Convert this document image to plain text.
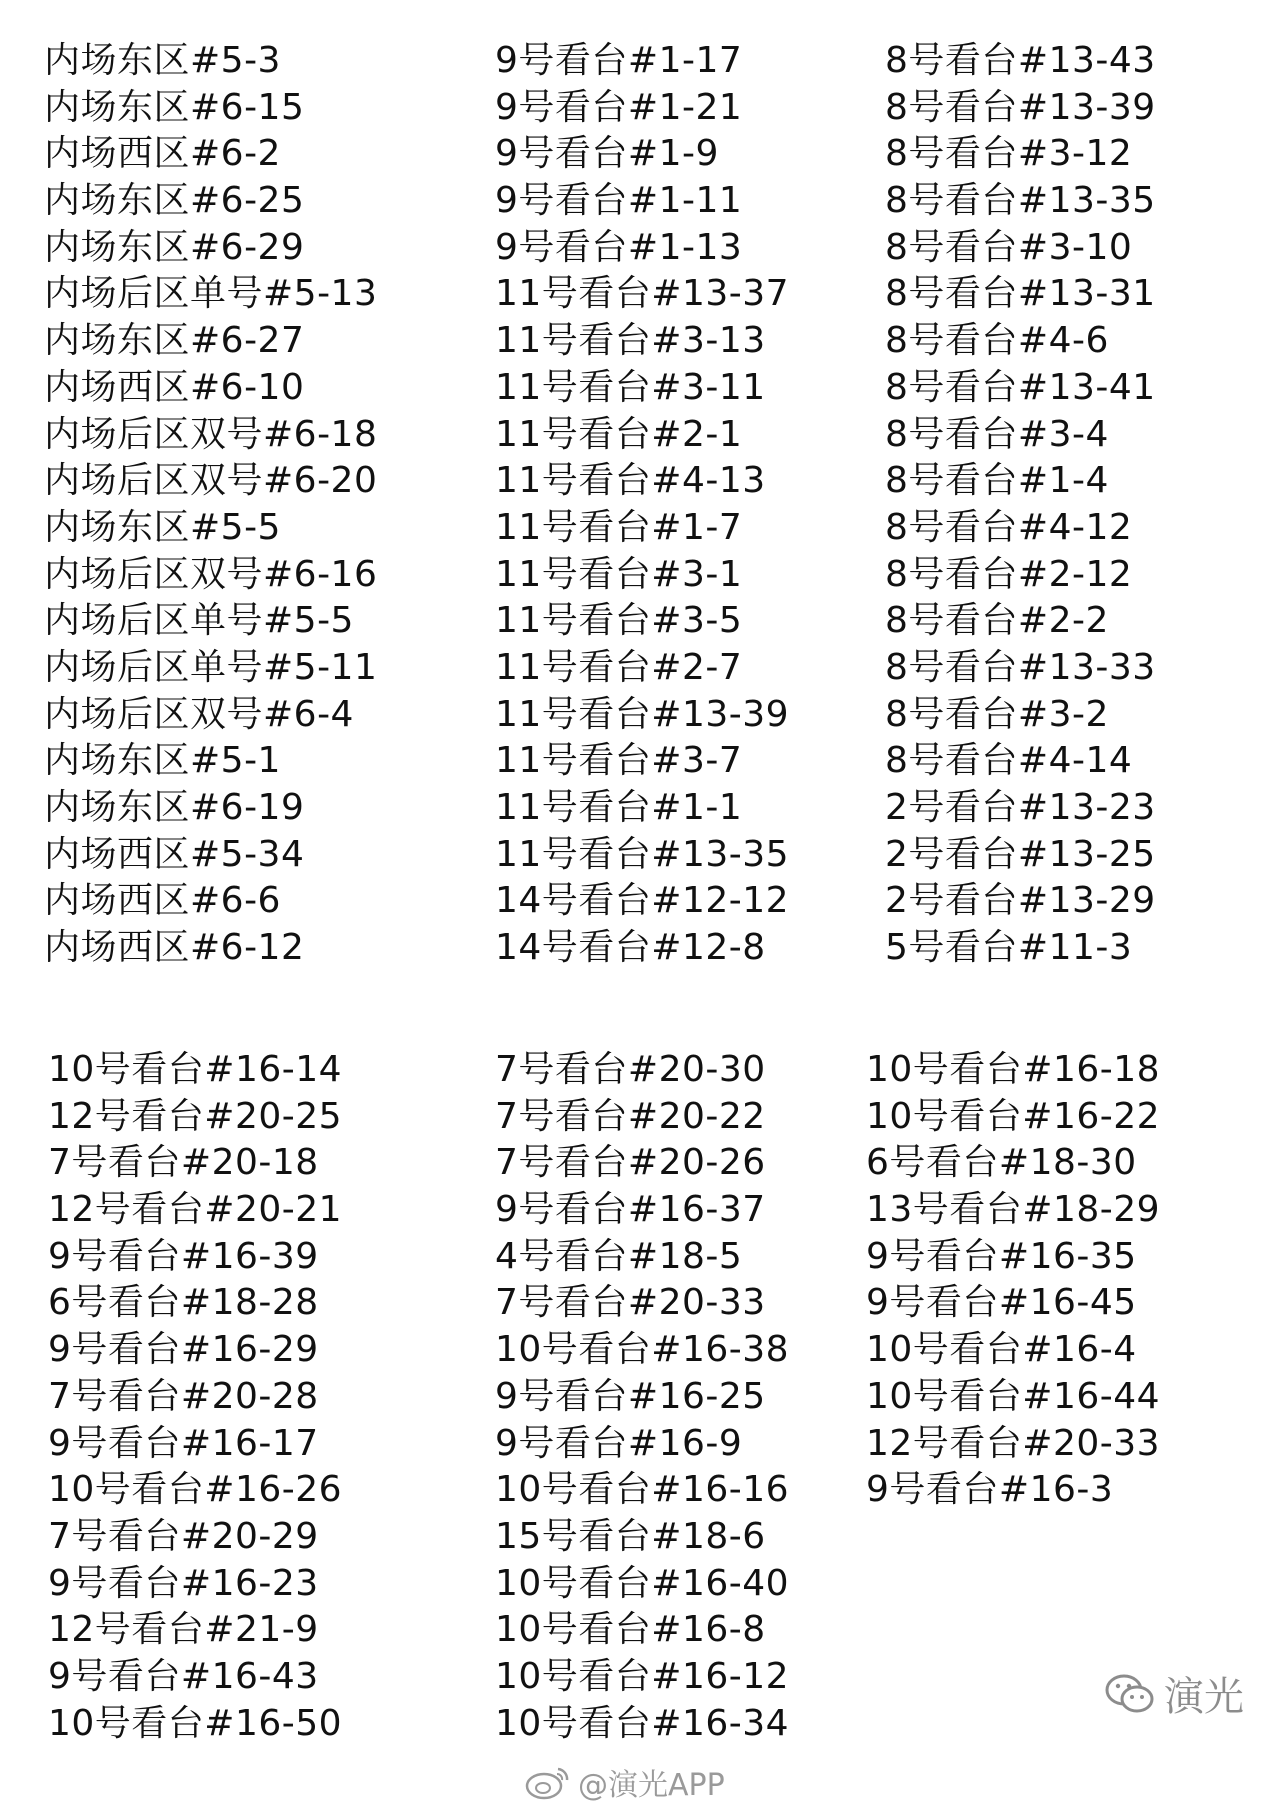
内场东区#5-3
内场东区#6-15
内场西区#6-2
内场东区#6-25
内场东区#6-29
内场后区单号#5-13
内场东区#6-27
内场西区#6-10
内场后区双号#6-18
内场后区双号#6-20
内场东区#5-5
内场后区双号#6-16
内场后区单号#5-5
内场后区单号#5-11
内场后区双号#6-4
内场东区#5-1
内场东区#6-19
内场西区#5-34
内场西区#6-6
内场西区#6-12
9号看台#1-17
9号看台#1-21
9号看台#1-9
9号看台#1-11
9号看台#1-13
11号看台#13-37
11号看台#3-13
11号看台#3-11
11号看台#2-1
11号看台#4-13
11号看台#1-7
11号看台#3-1
11号看台#3-5
11号看台#2-7
11号看台#13-39
11号看台#3-7
11号看台#1-1
11号看台#13-35
14号看台#12-12
14号看台#12-8
8号看台#13-43
8号看台#13-39
8号看台#3-12
8号看台#13-35
8号看台#3-10
8号看台#13-31
8号看台#4-6
8号看台#13-41
8号看台#3-4
8号看台#1-4
8号看台#4-12
8号看台#2-12
8号看台#2-2
8号看台#13-33
8号看台#3-2
8号看台#4-14
2号看台#13-23
2号看台#13-25
2号看台#13-29
5号看台#11-3
10号看台#16-14
12号看台#20-25
7号看台#20-18
12号看台#20-21
9号看台#16-39
6号看台#18-28
9号看台#16-29
7号看台#20-28
9号看台#16-17
10号看台#16-26
7号看台#20-29
9号看台#16-23
12号看台#21-9
9号看台#16-43
10号看台#16-50
7号看台#20-30
7号看台#20-22
7号看台#20-26
9号看台#16-37
4号看台#18-5
7号看台#20-33
10号看台#16-38
9号看台#16-25
9号看台#16-9
10号看台#16-16
15号看台#18-6
10号看台#16-40
10号看台#16-8
10号看台#16-12
10号看台#16-34
10号看台#16-18
10号看台#16-22
6号看台#18-30
13号看台#18-29
9号看台#16-35
9号看台#16-45
10号看台#16-4
10号看台#16-44
12号看台#20-33
9号看台#16-3
演光
@演光APP
